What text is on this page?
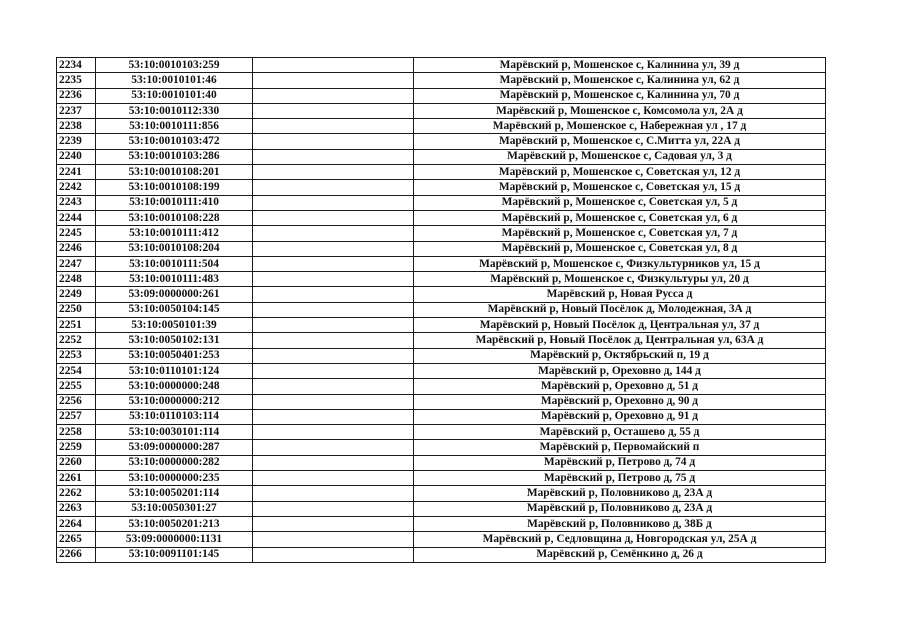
2234	53:10:0010103:259		Марёвский р, Мошенское с, Калинина ул, 39 д
2235	53:10:0010101:46		Марёвский р, Мошенское с, Калинина ул, 62 д
2236	53:10:0010101:40		Марёвский р, Мошенское с, Калинина ул, 70 д
2237	53:10:0010112:330		Марёвский р, Мошенское с, Комсомола ул, 2А д
2238	53:10:0010111:856		Марёвский р, Мошенское с, Набережная ул , 17 д
2239	53:10:0010103:472		Марёвский р, Мошенское с, С.Митта ул, 22А д
2240	53:10:0010103:286		Марёвский р, Мошенское с, Садовая ул, 3 д
2241	53:10:0010108:201		Марёвский р, Мошенское с, Советская ул, 12 д
2242	53:10:0010108:199		Марёвский р, Мошенское с, Советская ул, 15 д
2243	53:10:0010111:410		Марёвский р, Мошенское с, Советская ул, 5 д
2244	53:10:0010108:228		Марёвский р, Мошенское с, Советская ул, 6 д
2245	53:10:0010111:412		Марёвский р, Мошенское с, Советская ул, 7 д
2246	53:10:0010108:204		Марёвский р, Мошенское с, Советская ул, 8 д
2247	53:10:0010111:504		Марёвский р, Мошенское с, Физкультурников ул, 15 д
2248	53:10:0010111:483		Марёвский р, Мошенское с, Физкультуры ул, 20 д
2249	53:09:0000000:261		Марёвский р, Новая Русса д
2250	53:10:0050104:145		Марёвский р, Новый Посёлок д, Молодежная, 3А д
2251	53:10:0050101:39		Марёвский р, Новый Посёлок д, Центральная ул, 37 д
2252	53:10:0050102:131		Марёвский р, Новый Посёлок д, Центральная ул, 63А д
2253	53:10:0050401:253		Марёвский р, Октябрьский п, 19 д
2254	53:10:0110101:124		Марёвский р, Ореховно д, 144 д
2255	53:10:0000000:248		Марёвский р, Ореховно д, 51 д
2256	53:10:0000000:212		Марёвский р, Ореховно д, 90 д
2257	53:10:0110103:114		Марёвский р, Ореховно д, 91 д
2258	53:10:0030101:114		Марёвский р, Осташево д, 55 д
2259	53:09:0000000:287		Марёвский р, Первомайский п
2260	53:10:0000000:282		Марёвский р, Петрово д, 74 д
2261	53:10:0000000:235		Марёвский р, Петрово д, 75 д
2262	53:10:0050201:114		Марёвский р, Половниково д, 23А д
2263	53:10:0050301:27		Марёвский р, Половниково д, 23А д
2264	53:10:0050201:213		Марёвский р, Половниково д, 38Б д
2265	53:09:0000000:1131		Марёвский р, Седловщина д, Новгородская ул, 25А д
2266	53:10:0091101:145		Марёвский р, Семёнкино д, 26 д
